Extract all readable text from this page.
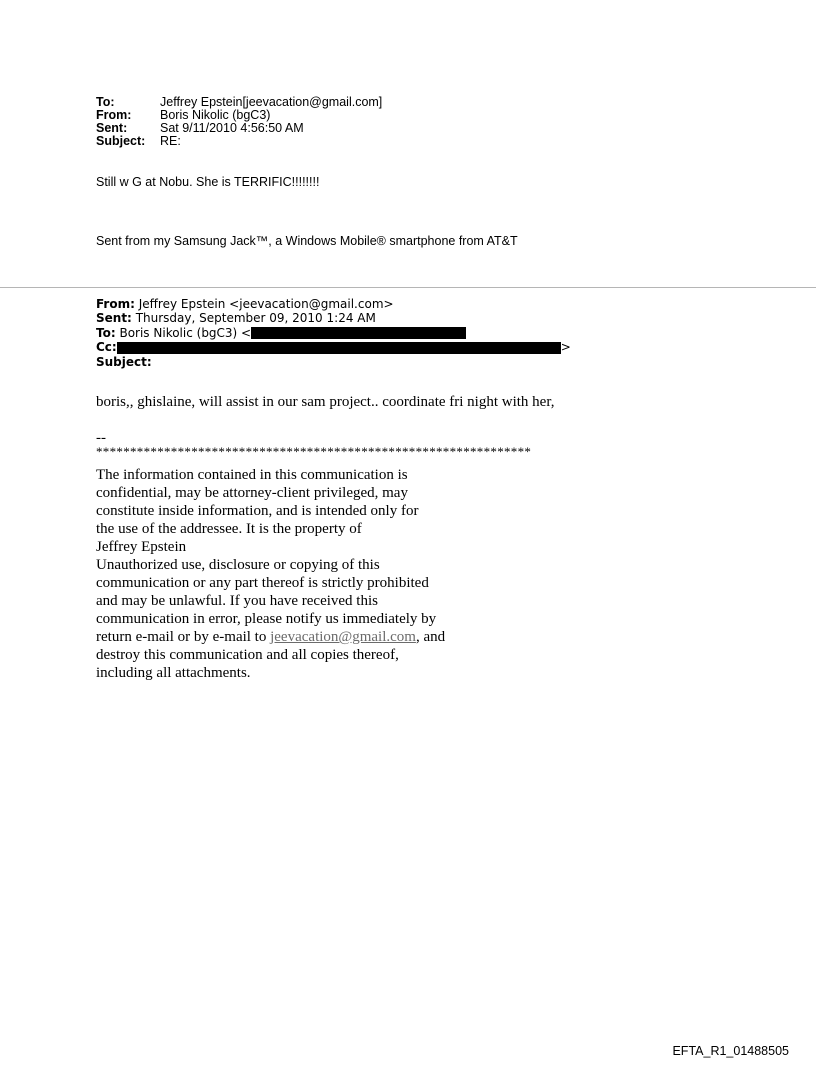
To:	Jeffrey Epstein[jeevacation@gmail.com]
From:	Boris Nikolic (bgC3)
Sent:	Sat 9/11/2010 4:56:50 AM
Subject:	RE:
Still w G at Nobu. She is TERRIFIC!!!!!!!!
Sent from my Samsung Jack™, a Windows Mobile® smartphone from AT&T
From: Jeffrey Epstein <jeevacation@gmail.com>
Sent: Thursday, September 09, 2010 1:24 AM
To: Boris Nikolic (bgC3) <
Cc:	>
Subject:
boris,, ghislaine, will assist in our sam project.. coordinate fri night with her,
--
****************************************************************
The information contained in this communication is
confidential, may be attorney-client privileged, may
constitute inside information, and is intended only for
the use of the addressee. It is the property of
Jeffrey Epstein
Unauthorized use, disclosure or copying of this
communication or any part thereof is strictly prohibited
and may be unlawful. If you have received this
communication in error, please notify us immediately by
return e-mail or by e-mail to jeevacation@gmail.com, and
destroy this communication and all copies thereof,
including all attachments.
EFTA_R1_01488505
